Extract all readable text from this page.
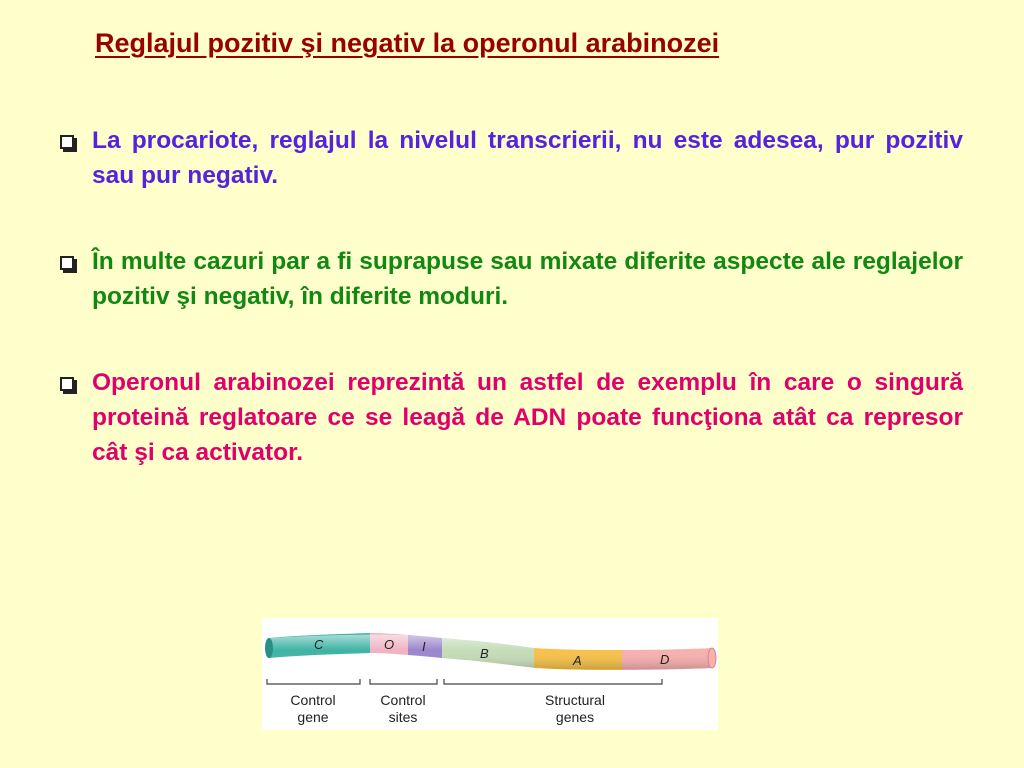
Reglajul pozitiv şi negativ la operonul arabinozei
La procariote, reglajul la nivelul transcrierii, nu este adesea, pur pozitiv sau pur negativ.
În multe cazuri par a fi suprapuse sau mixate diferite aspecte ale reglajelor pozitiv şi negativ, în diferite moduri.
Operonul arabinozei reprezintă un astfel de exemplu în care o singură proteină reglatoare ce se leagă de ADN poate funcţiona atât ca represor cât şi ca activator.
C	O I	B	A	D
Control
gene
Control
sites
Structural
genes
